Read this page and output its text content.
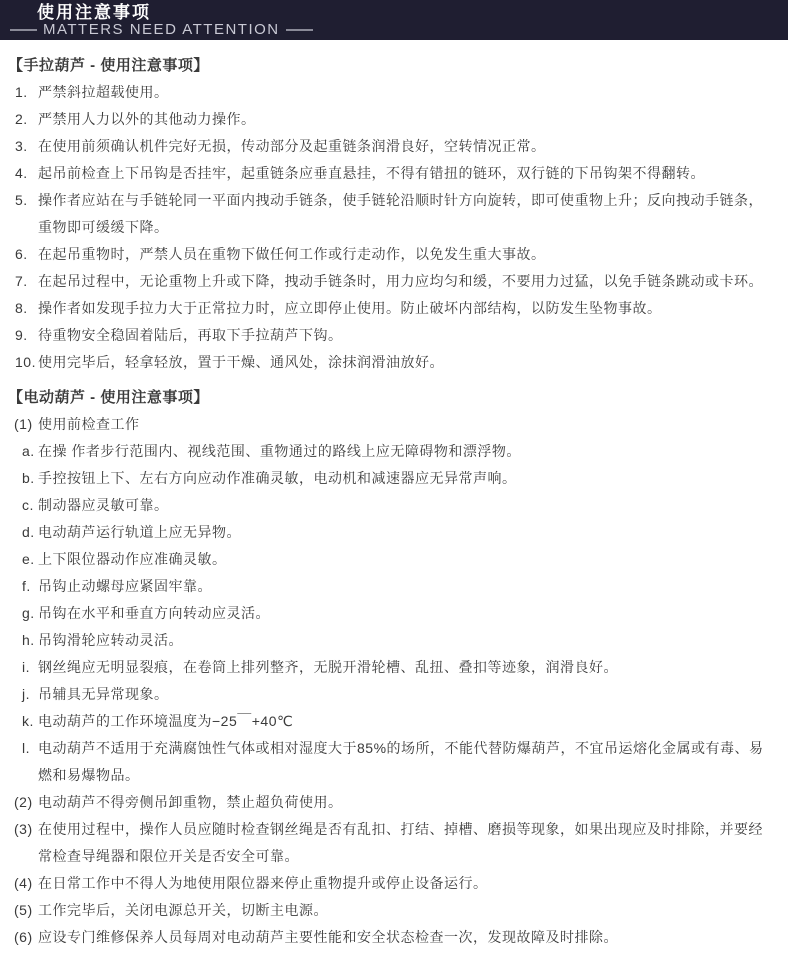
使用注意事项
MATTERS NEED ATTENTION
【手拉葫芦 - 使用注意事项】
1. 严禁斜拉超载使用。
2. 严禁用人力以外的其他动力操作。
3. 在使用前须确认机件完好无损，传动部分及起重链条润滑良好，空转情况正常。
4. 起吊前检查上下吊钩是否挂牢，起重链条应垂直悬挂，不得有错扭的链环，双行链的下吊钩架不得翻转。
5. 操作者应站在与手链轮同一平面内拽动手链条，使手链轮沿顺时针方向旋转，即可使重物上升；反向拽动手链条，重物即可缓缓下降。
6. 在起吊重物时，严禁人员在重物下做任何工作或行走动作，以免发生重大事故。
7. 在起吊过程中，无论重物上升或下降，拽动手链条时，用力应均匀和缓，不要用力过猛，以免手链条跳动或卡环。
8. 操作者如发现手拉力大于正常拉力时，应立即停止使用。防止破坏内部结构，以防发生坠物事故。
9. 待重物安全稳固着陆后，再取下手拉葫芦下钩。
10. 使用完毕后，轻拿轻放，置于干燥、通风处，涂抹润滑油放好。
【电动葫芦 - 使用注意事项】
(1) 使用前检查工作
a. 在操 作者步行范围内、视线范围、重物通过的路线上应无障碍物和漂浮物。
b. 手控按钮上下、左右方向应动作准确灵敏，电动机和减速器应无异常声响。
c. 制动器应灵敏可靠。
d. 电动葫芦运行轨道上应无异物。
e. 上下限位器动作应准确灵敏。
f. 吊钩止动螺母应紧固牢靠。
g. 吊钩在水平和垂直方向转动应灵活。
h. 吊钩滑轮应转动灵活。
i. 钢丝绳应无明显裂痕，在卷筒上排列整齐，无脱开滑轮槽、乱扭、叠扣等迹象，润滑良好。
j. 吊辅具无异常现象。
k. 电动葫芦的工作环境温度为−25￣+40℃
l. 电动葫芦不适用于充满腐蚀性气体或相对湿度大于85%的场所，不能代替防爆葫芦，不宜吊运熔化金属或有毒、易燃和易爆物品。
(2) 电动葫芦不得旁侧吊卸重物，禁止超负荷使用。
(3) 在使用过程中，操作人员应随时检查钢丝绳是否有乱扣、打结、掉槽、磨损等现象，如果出现应及时排除，并要经常检查导绳器和限位开关是否安全可靠。
(4) 在日常工作中不得人为地使用限位器来停止重物提升或停止设备运行。
(5) 工作完毕后，关闭电源总开关，切断主电源。
(6) 应设专门维修保养人员每周对电动葫芦主要性能和安全状态检查一次，发现故障及时排除。
